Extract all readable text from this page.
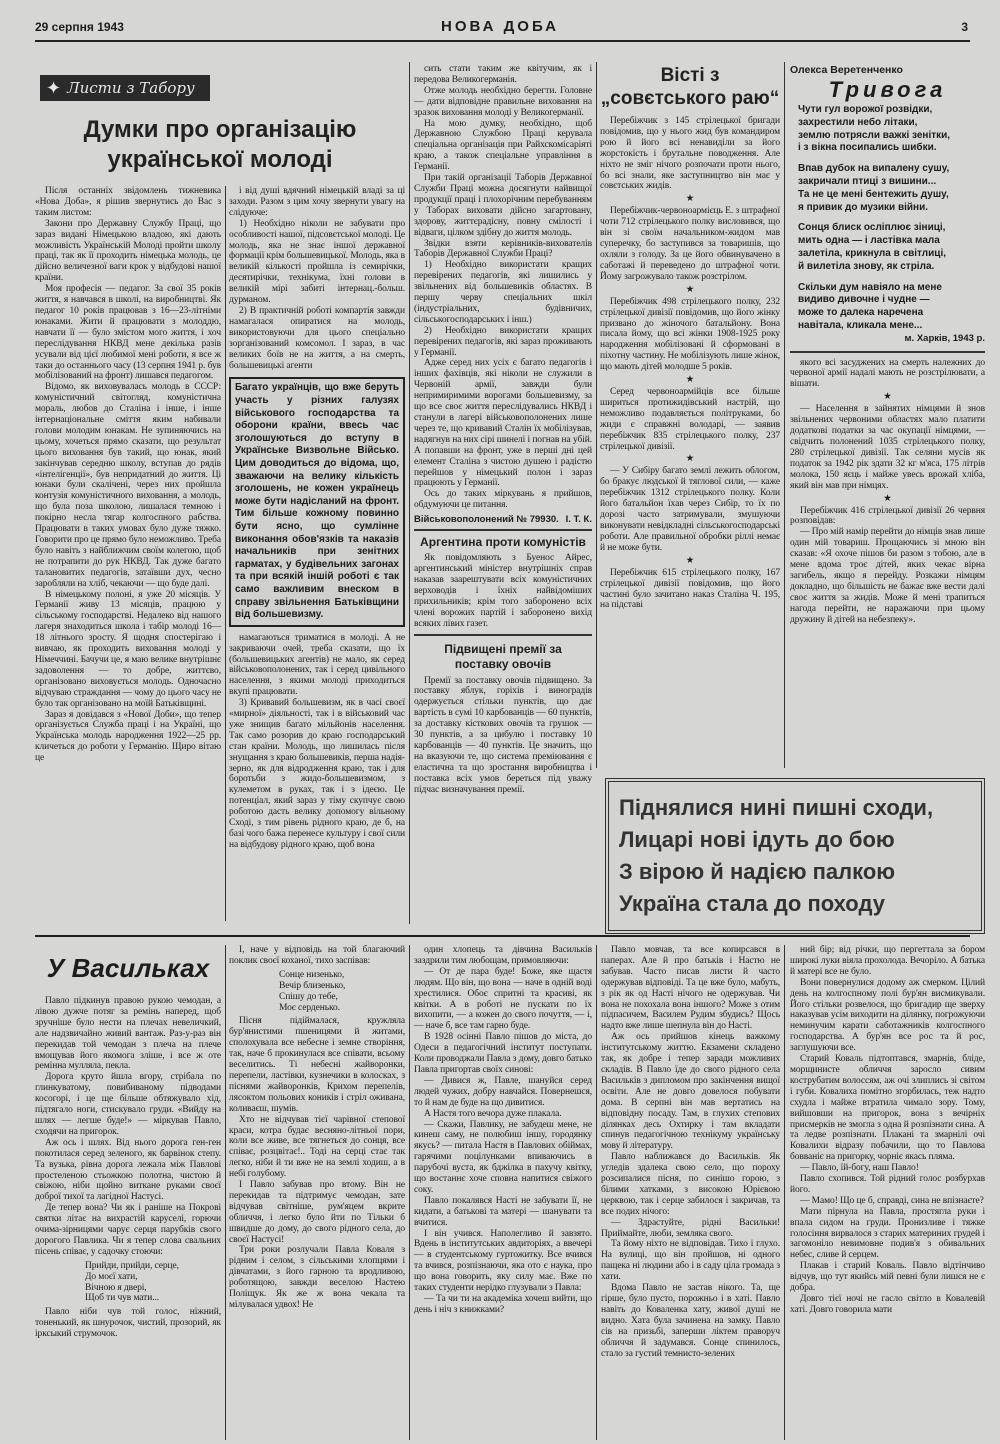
29 серпня 1943	НОВА ДОБА	3
✦ Листи з Табору
Думки про організацію
української молоді

Після останніх звідомлень тижневика «Нова Доба», я рішив звернутись до Вас з таким листом:

Закони про Державну Службу Праці, що зараз видані Німецькою владою, які дають можливість Українській Молоді пройти школу праці, так як її проходить німецька молодь, це дійсно величезної ваги крок у відбудові нашої країни.

Моя професія — педагог. За свої 35 років життя, я навчався в школі, на виробництві. Як педагог 10 років працював з 16—23-літніми юнаками. Жити й працювати з молоддю, навчати її — було змістом мого життя, і хоч переслідування НКВД мене декілька разів усували від цієї любимої мені роботи, я все ж таки до останнього часу (13 серпня 1941 р. був мобілізований на фронт) лишався педагогом.

Відомо, як виховувалась молодь в СССР: комуністичний світогляд, комуністична мораль, любов до Сталіна і інше, і інше інтернаціональне сміття яким набивали голови молодим юнакам. Не зупиняючись на цьому, хочеться прямо сказати, що результат цього виховання був такий, що юнак, який закінчував середню школу, вступав до рядів «інтелігенції», був непридатний до життя. Ці юнаки були скалічені, через них пройшла контузія комуністичного виховання, а молодь, що була поза школою, лишалася темною і покірно несла тягар колгоспного рабства. Працювати в таких умовах було дуже тяжко. Говорити про це прямо було неможливо. Треба було навіть з найближчим своїм колегою, щоб не потрапити до рук НКВД. Так дуже багато талановитих педагогів, затаївши дух, чесно заробляли на хліб, чекаючи — що буде далі.

В німецькому полоні, я уже 20 місяців. У Германії живу 13 місяців, працюю у сільському господарстві. Недалеко від нашого лагеря знаходиться школа і табір молоді 16—18 літнього зросту. Я щодня спостерігаю і вивчаю, як проходить виховання молоді у Німеччині. Бачучи це, я маю велике внутрішнє задоволення — то добре, життєво, організовано виховується молодь. Одночасно відчуваю страждання — чому до цього часу не було так організовано на моїй Батьківщині.

Зараз я довідався з «Нової Доби», що тепер організується Служба праці і на Україні, що Українська молодь народження 1922—25 рр. кличеться до роботи у Германію. Щиро вітаю це

і від душі вдячний німецькій владі за ці заходи. Разом з цим хочу звернути увагу на слідуюче:

1) Необхідно ніколи не забувати про особливості нашої, підсовєтської молоді. Це молодь, яка не знає іншої державної формації крім большевицької. Молодь, яка в великій кількості пройшла із семирічки, десятирічки, технікума, їхні голови в великій мірі забиті інтернац.-больш. дурманом.

2) В практичній роботі компартія завжди намагалася опиратися на молодь, використовуючи для цього спеціально зорганізований комсомол. І зараз, в час великих боїв не на життя, а на смерть, большевицькі агенти

Багато українців, що вже беруть участь у різних галузях військового господарства та оборони країни, ввесь час зголошуються до вступу в Українське Визвольне Військо. Цим доводиться до відома, що, зважаючи на велику кількість зголошень, не кожен українець може бути надісланий на фронт. Тим більше кожному повинно бути ясно, що сумлінне виконання обов'язків та наказів начальників при зенітних гарматах, у будівельних загонах та при всякій іншій роботі є так само важливим внеском в справу звільнення Батьківщини від большевизму.

намагаються триматися в молоді. А не закриваючи очей, треба сказати, що їх (большевицьких агентів) не мало, як серед військовополонених, так і серед цивільного населення, з якими молоді приходиться вкупі працювати.

3) Кривавий большевизм, як в часі своєї «мирної» діяльності, так і в військовий час уже знищив багато мільйонів населення. Так само розорив до краю господарський стан країни. Молодь, що лишилась після знущання з краю большевиків, перша надія-зерно, як для відродження краю, так і для боротьби з жидо-большевизмом, з кулеметом в руках, так і з ідеєю. Це потенціал, який зараз у тіму скупчує свою роботою дасть велику допомогу вільному Сході, з тим рівень рідного краю, де б, на базі чого бажа перенесе культуру і свої сили на відбудову рідного краю, щоб вона

сить стати таким же квітучим, як і передова Великогерманія.

Отже молодь необхідно берегти. Головне — дати відповідне правильне виховання на зразок виховання молоді у Великогерманії.

На мою думку, необхідно, щоб Державною Службою Праці керувала спеціальна організація при Райхскомісаріяті краю, а також спеціальне управління в Германії.

При такій організації Таборів Державної Служби Праці можна досягнути найвищої продукції праці і плохорічним перебуванням у Таборах виховати дійсно загартовану, здорову, життєрадісну, повну смілості і відваги, цілком здібну до життя молодь.

Звідки взяти керівників-вихователів Таборів Державної Служби Праці?

1) Необхідно використати кращих перевірених педагогів, які лишились у звільнених від большевиків областях. В першу черву спеціальних шкіл (індустріальних, будівничих, сільськогосподарських і інш.)

2) Необхідно використати кращих перевірених педагогів, які зараз проживають у Германії.

Адже серед них усіх є багато педагогів і інших фахівців, які ніколи не служили в Червоній армії, завжди були непримиримими ворогами большевизму, за що все своє життя переслідувались НКВД і станули в лагері військовополонених лише через те, що кривавий Сталін їх мобілізував, надягнув на них сірі шинелі і погнав на убій. А попавши на фронт, уже в перші дні цей елемент Сталіна з чистою душею і радістю перейшов у німецький полон і зараз працюють у Германії.

Ось до таких міркувань я прийшов, обдумуючи це питання.

Військовополонений № 79930. І. Т. К.
Аргентина проти комуністів

Як повідомляють з Буенос Айрес, аргентинський міністер внутрішніх справ наказав заарештувати всіх комуністичних верховодів і їхніх найвідоміших прихильників; крім того заборонено всіх члені ворожих партій і заборонено вихід всяких лівих газет.

Підвищені премії за поставку овочів

Премії за поставку овочів підвищено. За поставку яблук, горіхів і виноградів одержується стільки пунктів, що дає вартість в сумі 10 карбованців — 60 пунктів, за доставку кісткових овочів та грушок — 30 пунктів, а за цибулю і поставку 10 карбованців — 40 пунктів. Це значить, що на вказуючи те, що система преміювання є еластична та що зростання виробництва і поставка всіх умов береться під уважу підчас визначування премії.

Вісті з
„совєтського раю“

Перебіжчик з 145 стрілецької бригади повідомив, що у нього жид був командиром рою й його всі ненавиділи за його жорстокість і брутальне поводження. Але ніхто не зміг нічого розпочати проти нього, бо всі знали, яке заступництво він має у совєтських жидів.

★

Перебіжчик-червоноармієць Е. з штрафної чоти 712 стрілецького полку висловився, що він зі своїм начальником-жидом мав суперечку, бо заступився за товаришів, що охляли з голоду. За це його обвинувачено в саботажі й переведено до штрафної чоти. Йому загрожувало також розстрілом.

★

Перебіжчик 498 стрілецького полку, 232 стрілецької дивізії повідомив, що його жінку призвано до жіночого батальйону. Вона писала йому, що всі жінки 1908-1925 року народження мобілізовані й сформовані в піхотну частину. Не мобілізують лише жінок, що мають дітей молодше 5 років.

★

Серед червоноармійців все більше шириться протижидівський настрій, що неможливо подавляється політруками, бо жиди є справжні володарі, — заявив перебіжчик 835 стрілецького полку, 237 стрілецької дивізії.

★

— У Сибіру багато землі лежить облогом, бо бракує людської й тяглової сили, — каже перебіжчик 1312 стрілецького полку. Коли його батальйон їхав через Сибір, то їх по дорозі часто затримували, змушуючи виконувати невідкладні сільськогосподарські роботи. Але правильної обробки ріллі немає й не може бути.

★

Перебіжчик 615 стрілецького полку, 167 стрілецької дивізії повідомив, що його частині було зачитано наказ Сталіна Ч. 195, на підставі

Олекса Веретенченко
Тривога

Чути гул ворожої розвідки,

захрестили небо літаки,

землю потрясли важкі зенітки,

і з вікна посипались шибки.

Впав дубок на випалену сушу,

закричали птиці з вишини...

Та не це мені бентежить душу,

я привик до музики війни.

Сонця блиск осліплює зіниці,

мить одна — і ластівка мала

залетіла, крикнула в світлиці,

й вилетіла знову, як стріла.

Скільки дум навіяло на мене

видиво дивочне і чудне —

може то далека наречена

навітала, кликала мене...

м. Харків, 1943 р.

якого всі засуджених на смерть належних до червоної армії надалі мають не розстрілювати, а вішати.

★

— Населення в зайнятих німцями й знов звільнених червоними областях мало платити додаткові податки за час окупації німцями, — свідчить полонений 1035 стрілецького полку, 280 стрілецької дивізії. Так селяни мусів як податок за 1942 рік здати 32 кг м'яса, 175 літрів молока, 150 яєць і майже увесь врожай хліба, який він мав при німцях.

★

Перебіжчик 416 стрілецької дивізії 26 червня розповідав:

— Про мій намір перейти до німців знав лише один мій товариш. Прощаючись зі мною він сказав: «Я охоче пішов би разом з тобою, але в мене вдома троє дітей, яких чекає вірна загибель, якщо я перейду. Розкажи німцям докладно, що більшість не бажає вже вести далі своє життя за жидів. Може й мені трапиться нагода перейти, не наражаючи при цьому дружину й дітей на небезпеку».

Піднялися нині пишні сходи,
Лицарі нові ідуть до бою
З вірою й надією палкою
Україна стала до походу
У Васильках

Павло підкинув правою рукою чемодан, а лівою дужче потяг за ремінь наперед, щоб зручніше було нести на плечах невеличкий, але надзвичайно живий вантаж. Раз-у-раз він перекидав той чемодан з плеча на плече вмощував його якомога зліше, і все ж оте ремінна мулляла, пекла.

Дорога круто йшла вгору, стрібала по глинкуватому, повибиваному підводами косогорі, і це ще більше обтяжувало хід, підтягало ноги, стискувало груди. «Вийду на шлях — легше буде!» — міркував Павло, сходячи на пригорок.

Аж ось і шлях. Від нього дорога ген-ген покотилася серед зеленого, як барвінок степу. Та вузька, рівна дорога лежала між Павлові простеленою стьожкою полотна, чистою й свіжою, ніби щойно виткане руками своєї доброї тихої та лагідної Настусі.

Де тепер вона? Чи як і раніше на Покрові святки літає на вихрастій каруселі, горючи очима-зірницями чарує серця парубків свого дорогого Павлика. Чи я тепер слова свальних пісень співає, у садочку стоючи:

Прийди, прийди, серце,
До моєї хати,
Вічною я двері,
Щоб ти чув мати...

Павло ніби чув той голос, ніжний, тоненький, як шнурочок, чистий, прозорий, як ірксыкий струмочок.

І, наче у відповідь на той благаючий поклик своєї коханої, тихо заспівав:

Сонце низенько,
Вечір близенько,
Спішу до тебе,
Моє серденько.

Пісня підіймалася, кружляла бур'янистими пшеницями й житами, сполохувала все небесне і земне створіння, так, наче б прокинулася все співати, всьому веселитись. Ті небесні жайворонки, перепели, ластівки, кузнечики в колосках, з піснями жайворонків, Крихом перепелів, лясоктом польових коників і стріл оживана, коливаєш, шумів.

Хто не відчував тієї чарівної степової краси, котра будає весняно-літньої пори, коли все живе, все тягнеться до сонця, все співає, розцвітає!.. Тоді на серці стає так легко, ніби й ти вже не на землі ходиш, а в небі голубому.

І Павло забував про втому. Він не перекидав та підтримує чемодан, зате відчував світніше, рум'яцем вкрите обличчя, і легко було йти по Тільки б швидше до дому, до свого рідного села, до своєї Настусі!

Три роки розлучали Павла Коваля з рідним і селом, з сільськими хлопцями і дівчатами, з його гарною та вродливою, роботящою, завжди веселою Настею Поліщук. Як же ж вона чекала та мілувалася удвох! Не

один хлопець та дівчина Васильків заздрили тим любощам, примовляючи:

— От де пара буде! Боже, яке щастя людям. Що він, що вона — наче в одній воді хрестилися. Обоє спритні та красиві, як квітки. А в роботі не пускати по їх вихопити, — а кожен до свого почуття, — і, — наче б, все там гарно буде.

В 1928 осінні Павло пішов до міста, до Одеси в педагогічний інститут поступати. Коли проводжали Павла з дому, довго батько Павла пригортав своїх синові:

— Дивися ж, Павле, шануйся серед людей чужих, добру навчайся. Повернешся, то й нам де буде на що дивитися.

А Настя того вечора дуже плакала.

— Скажи, Павлику, не забудеш мене, не кинеш саму, не полюбиш іншу, городянку якусь? — питала Настя в Павлових обіймах, гарячими поцілунками впиваючись в парубочі вуста, як бджілка в пахучу квітку, що востаннє хоче сповна напитися свіжого соку.

Павло покалявся Насті не забувати її, не кидати, а батькові та матері — шанувати та вчитися.

І він учився. Наполегливо й завзято. Вдень в інститутських авдиторіях, а ввечері — в студентському гуртожитку. Все вчився та вчився, розпізнаючи, яка ото є наука, про що вона говорить, яку силу має. Вже по таких студенти нерідко глузували з Павла:

— Та чи ти на академіка хочеш вийти, що день і ніч з книжками?

Павло мовчав, та все копирсався в паперах. Але й про батьків і Настю не забував. Часто писав листи й часто одержував відповіді. Та це вже було, мабуть, з рік як од Насті нічого не одержував. Чи вона не похохала вона іншого? Може з отим підпасичем, Василем Рудим збудись? Щось надто вже лише шепнула він до Насті.

Аж ось прийшов кінець важкому інститутському життю. Екзамени складено так, як добре і тепер заради можливих складів. В Павло їде до свого рідного села Васильків з дипломом про закінчення вищої освіти. Але не довго довелося побувати дома. В серпні він мав вертатись на відповідну посаду. Там, в глухих степових ділянках десь Охтирку і там вкладати спинув педагогічною технікуму українську мову й літературу.

Павло наближався до Васильків. Як угледів здалека свою село, що пороху розсипалися пісня, по синішо горою, з білими хатками, з високою Юрієвою церквою, так і серце забилося і закричав, та все подих нічого:

— Здрастуйте, рідні Васильки! Приймайте, люби, земляка свого.

Та йому ніхто не відповідав. Тихо і глухо. На вулиці, що він пройшов, ні одного пащека ні людини або і в саду ціла громада з хати.

Вдома Павло не застав нікого. Та, ще гірше, було пусто, порожньо і в хаті. Павло навіть до Коваленка хату, живої душі не видно. Хата була зачинена на замку. Павло сів на призьбі, заперши ліктем праворуч обличчя й задумався. Сонце спинилось, стало за густий темнисто-зелених

ний бір; від річки, що пергеттала за бором широкі луки віяла прохолода. Вечоріло. А батька й матері все не було.

Вони повернулися додому аж смерком. Цілий день на колгоспному полі бур'ян висмикували. Його стільки розвелося, що бригадир ще зверху наказував усім виходити на ділянку, погрожуючи неминучим карати саботажників колгоспного господарства. А бур'ян все рос та й рос, заглушуючи все.

Старий Коваль підтоптався, змарнів, бліде, морщинисте обличчя заросло сивим кострубатим волоссям, аж очі злиплись зі світом і губи. Ковалиха помітно згорбилась, теж надто схудла і майже втратила чимало зору. Тому, вийшовши на пригорок, вона з вечірніх присмерків не змогла з одна й розпізнати сина. А та ледве розпізнати. Плакані та змарнілі очі Ковалихи відразу побачили, що то Павлова бовваніє на пригорку, чорніє якась пляма.

— Павло, їй-богу, наш Павло!

Павло схопився. Той рідний голос розбурхав його.

— Мамо! Що це б, справді, сина не впізнаєте?

Мати пірнула на Павла, простягла руки і впала сидом на груди. Пронизливе і тяжке голосіння вирвалося з старих материних грудей і загомоніло невимовне подив'я з обивальних небес, сливе й серцем.

Плакав і старий Коваль. Павло відтінчиво відчув, що тут якийсь мій певні були лишся не є добра.

Довго тієї ночі не гасло світло в Ковалевій хаті. Довго говорила мати
